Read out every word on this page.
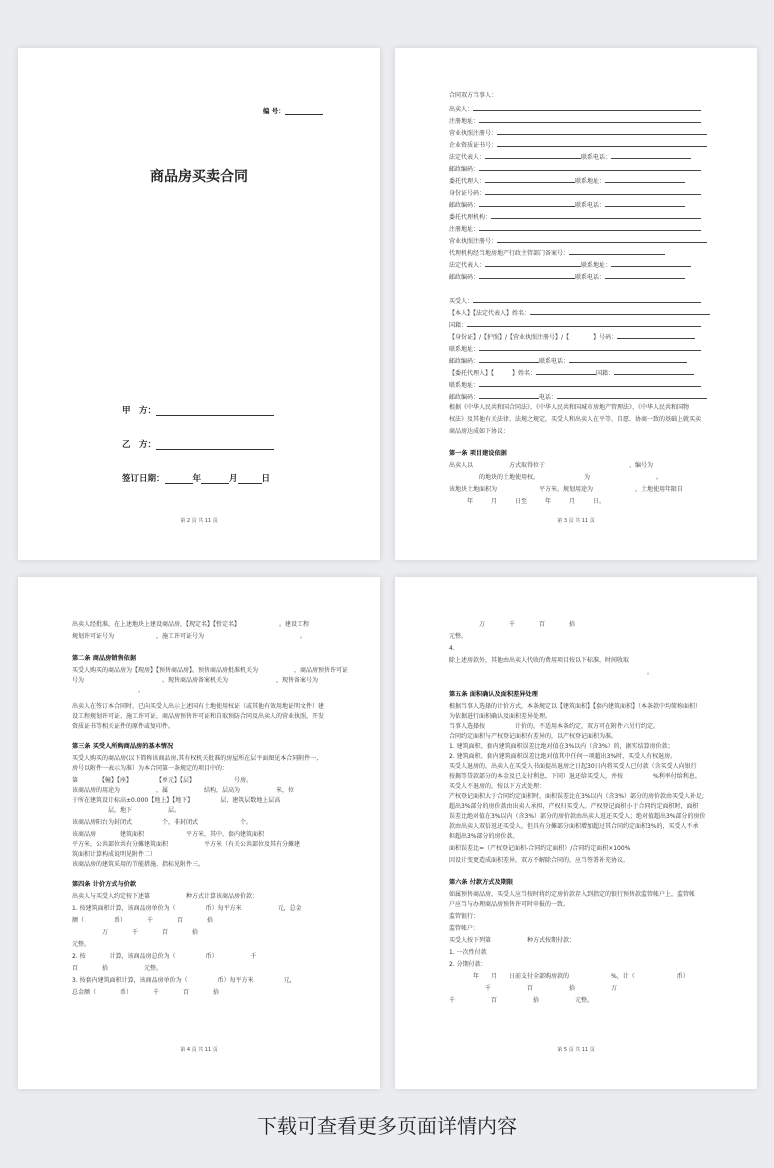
编 号：
商品房买卖合同
甲　方：
乙　方：
签订日期：	年	月	日
第 2 页 共 11 页
合同双方当事人：
出卖人：
注册地址：
营业执照注册号：
企业资质证书号：
法定代表人：	联系电话：
邮政编码：
委托代理人：	联系地址：
身份证号码：
邮政编码：	联系电话：
委托代理机构：
注册地址：
营业执照注册号：
代理机构经当地房地产行政主管部门备案号：
法定代表人：	联系地址：
邮政编码：	联系电话：
买受人：
【本人】【法定代表人】姓名：
国籍：
【身份证】/【护照】/【营业执照注册号】/【　　　　】号码：
联系地址：
邮政编码：	联系电话：
【委托代理人】【　　　】姓名：	国籍：
联系地址：
邮政编码：	电话：
根据《中华人民共和国合同法》、《中华人民共和国城市房地产管理法》、《中华人民共和国物
权法》及其他有关法律、法规之规定，买受人和出卖人在平等、自愿、协商一致的基础上就买卖
商品房达成如下协议：
第一条 项目建设依据
出卖人以　　　　　　方式取得位于　　　　　　　　　　　　　　、编号为
　　　　　的地块的土地使用权。　　　　　　　　为　　　　　　　　　　　。
该地块土地面积为　　　　　　　平方米，规划用途为　　　　　　　，土地使用年限自
　　　年　　　月　　　日至　　　年　　　月　　　日。
第 3 页 共 11 页
出卖人经批准，在上述地块上建设商品房，【现定名】【暂定名】　　　　　　　。建设工程
规划许可证号为　　　　　　　，施工许可证号为　　　　　　　　　　　　　　　　。
第二条 商品房销售依据
买受人购买的商品房为【现房】【预售商品房】。预售商品房批准机关为　　　　　　，商品房预售许可证
号为　　　　　　　　　　　　　。现售商品房备案机关为　　　　　　　　，现售备案号为
　　　　　　　　　　　。
出卖人在签订本合同时，已向买受人出示上述国有土地使用权证（或其他有效用地证明文件）建
设工程规划许可证、施工许可证，商品房预售许可证和自取预防合同及出卖人的营业执照，开发
资质证书等相关证件的原件或复印件。
第三条 买受人所购商品房的基本情况
买受人购买的商品房(以下简称该商品房,其有权机关批准的房屋所在层平面图见本合同附件一,
房号以附件一表示为准）为本合同第一条规定的项目中的：
第　　　　【幢】【座】　　　　　【单元】【层】　　　　　　　号房。
该商品房的用途为　　　　　　，属　　　　　　结构，层高为　　　　　　米，位
于所在建筑设计标高±0.000【地上】【地下】　　　　　层，建筑层数地上层高
　　　　　　层，地下　　　　　　层。
该商品房阳台为封闭式　　　　　个，非封闭式　　　　　　　个。
该商品房　　　　建筑面积　　　　　　　平方米，其中，套内建筑面积　　　　　
平方米，公共部位共有分摊建筑面积　　　　　　平方米（有关公共部位及其有分摊建
筑面积计算构成说明见附件二）
该商品房的建筑采用的节能措施、指标见附件三。
第四条 计价方式与价款
出卖人与买受人约定按下述第　　　　　　种方式计算该商品房价款：
1. 按建筑面积计算，该商品房单价为（　　　　　币）每平方米　　　　　　元，总金
额（　　　　　币）　　　　千　　　　百　　　　拾　　　　　　
　　　　　万　　　　千　　　　百　　　　拾　　　　　　　
元整。
2. 按　　　　计算，该商品房总价为（　　　　　币）　　　　　　千
百　　　　拾　　　　　　元整。
3. 按套内建筑面积计算，该商品房单价为（　　　　　币）每平方米　　　　　元，
总金额（　　　　币）　　　　千　　　　百　　　　拾
第 4 页 共 11 页
　　　　　万　　　　千　　　　百　　　　拾　　　　　　
元整。
4.　　　　　　　　　　　　　　　　　　　　　　　　　　　　　　　
除上述房款外，其他由出卖人代收的费用项目按以下标准，时间收取
　　　　　　　　　　　　　　　　　　　　　　　　　　　　　　　　　。
第五条 面积确认及面积差异处理
根据当事人选择的计价方式，本条规定以【建筑面积】【套内建筑面积】（本条款中均简称面积）
为依据进行面积确认及面积差异处理。
当事人选择按　　　　　计价的，不适用本条约定，双方可在附件六另行约定。
合同约定面积与产权登记面积有差异的，以产权登记面积为准。
1. 建筑面积、套内建筑面积误差比绝对值在3%以内（含3%）的，据实结算房价款；
2. 建筑面积、套内建筑面积误差比绝对值其中任何一项超出3%时，买受人有权退房。
买受人退房的，出卖人在买受人书面提出退房之日起30日内将买受人已付款（含买受人向银行
按揭等贷款部分的本金及已支付利息，下同）退还给买受人，并按　　　　　%利率付给利息。
买受人不退房的，按以下方式处理：
产权登记面积大于合同约定面积时，面积误差比在3%以内（含3%）部分的房价款由买受人补足;
超出3%部分的房价款由出卖人承担，产权归买受人。产权登记面积小于合同约定面积时，面积
误差比绝对值在3%以内（含3%）部分的房价款由出卖人返还买受人；绝对值超出3%部分的房价
款由出卖人双倍返还买受人。但具有分摊部分面积增加超过其合同约定面积3%的，买受人不承
担超出3%部分的房价款。
面积误差比=（产权登记面积-合同约定面积）/合同约定面积×100%
因设计变更造成面积差异，双方不解除合同的，应当签署补充协议。
第六条 付款方式及期限
如属预售商品房，买受人应当按时将约定房价款存入到指定的银行预售款监管帐户上，监管帐
户应当与办理商品房预售许可时申报的一致。
监管银行：　　　　　　　　　　　　　　　　
监管帐户：　　　　　　　　　　　　　　　　
买受人按下列第　　　　　　种方式按期付款：
1. 一次性付款　　　　　　　　　　　　　　　　　　　　　　
2. 分期付款：
　　　　年　　月　　日前支付全部购房款的　　　　　　　%，计（　　　　　　　币）
　　　　　　千　　　　　　百　　　　　　拾　　　　　　万
千　　　　　　百　　　　　　拾　　　　　　元整。
第 5 页 共 11 页
下载可查看更多页面详情内容
